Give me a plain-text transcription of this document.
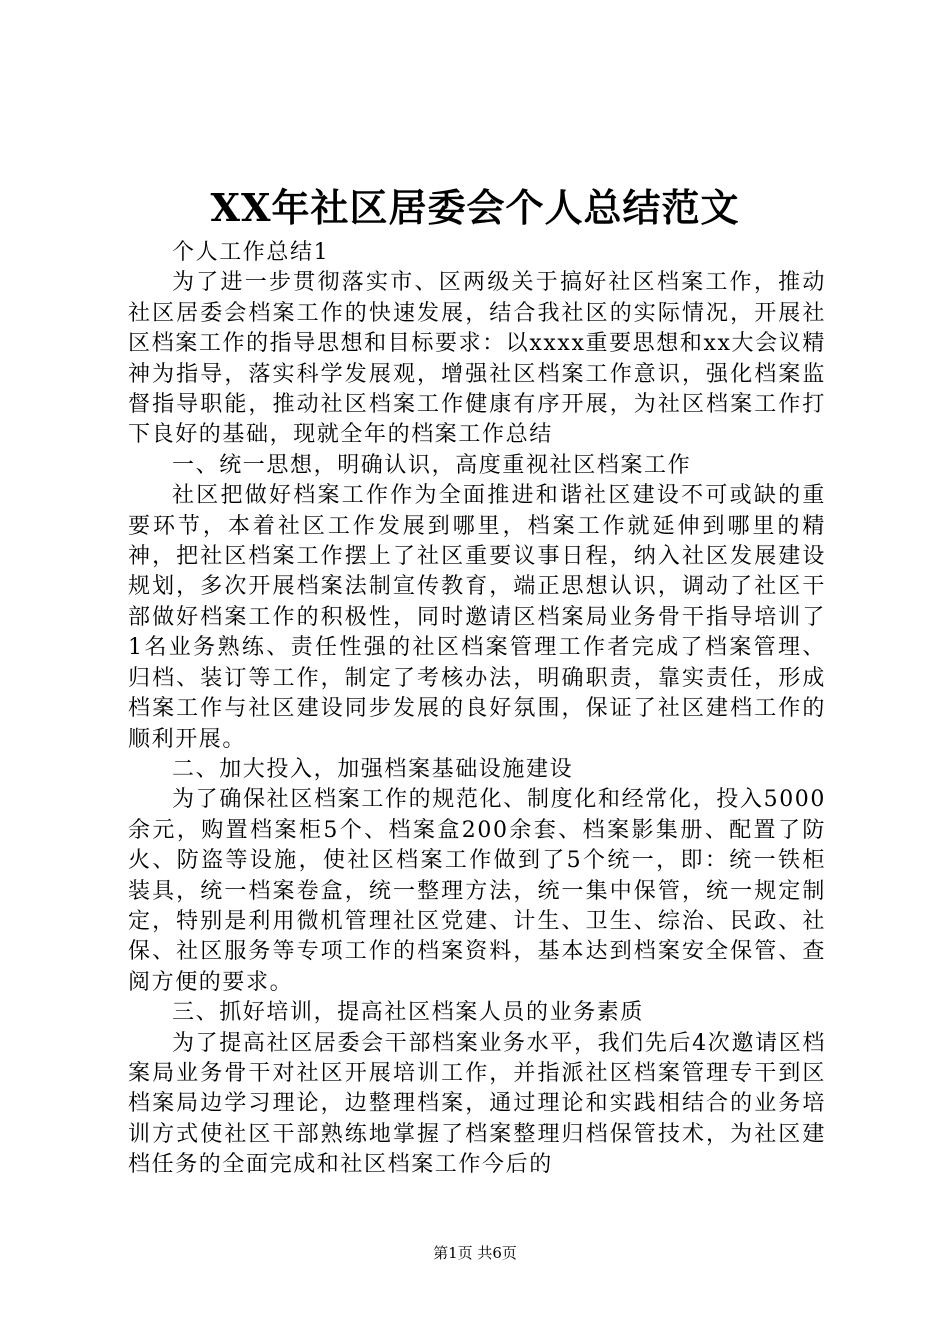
XX年社区居委会个人总结范文

个人工作总结1

为了进一步贯彻落实市、区两级关于搞好社区档案工作，推动社区居委会档案工作的快速发展，结合我社区的实际情况，开展社区档案工作的指导思想和目标要求：以xxxx重要思想和xx大会议精神为指导，落实科学发展观，增强社区档案工作意识，强化档案监督指导职能，推动社区档案工作健康有序开展，为社区档案工作打下良好的基础，现就全年的档案工作总结

一、统一思想，明确认识，高度重视社区档案工作

社区把做好档案工作作为全面推进和谐社区建设不可或缺的重要环节，本着社区工作发展到哪里，档案工作就延伸到哪里的精神，把社区档案工作摆上了社区重要议事日程，纳入社区发展建设规划，多次开展档案法制宣传教育，端正思想认识，调动了社区干部做好档案工作的积极性，同时邀请区档案局业务骨干指导培训了1名业务熟练、责任性强的社区档案管理工作者完成了档案管理、归档、装订等工作，制定了考核办法，明确职责，靠实责任，形成档案工作与社区建设同步发展的良好氛围，保证了社区建档工作的顺利开展。

二、加大投入，加强档案基础设施建设

为了确保社区档案工作的规范化、制度化和经常化，投入5000余元，购置档案柜5个、档案盒200余套、档案影集册、配置了防火、防盗等设施，使社区档案工作做到了5个统一，即：统一铁柜装具，统一档案卷盒，统一整理方法，统一集中保管，统一规定制定，特别是利用微机管理社区党建、计生、卫生、综治、民政、社保、社区服务等专项工作的档案资料，基本达到档案安全保管、查阅方便的要求。

三、抓好培训，提高社区档案人员的业务素质

为了提高社区居委会干部档案业务水平，我们先后4次邀请区档案局业务骨干对社区开展培训工作，并指派社区档案管理专干到区档案局边学习理论，边整理档案，通过理论和实践相结合的业务培训方式使社区干部熟练地掌握了档案整理归档保管技术，为社区建档任务的全面完成和社区档案工作今后的

第1页 共6页
